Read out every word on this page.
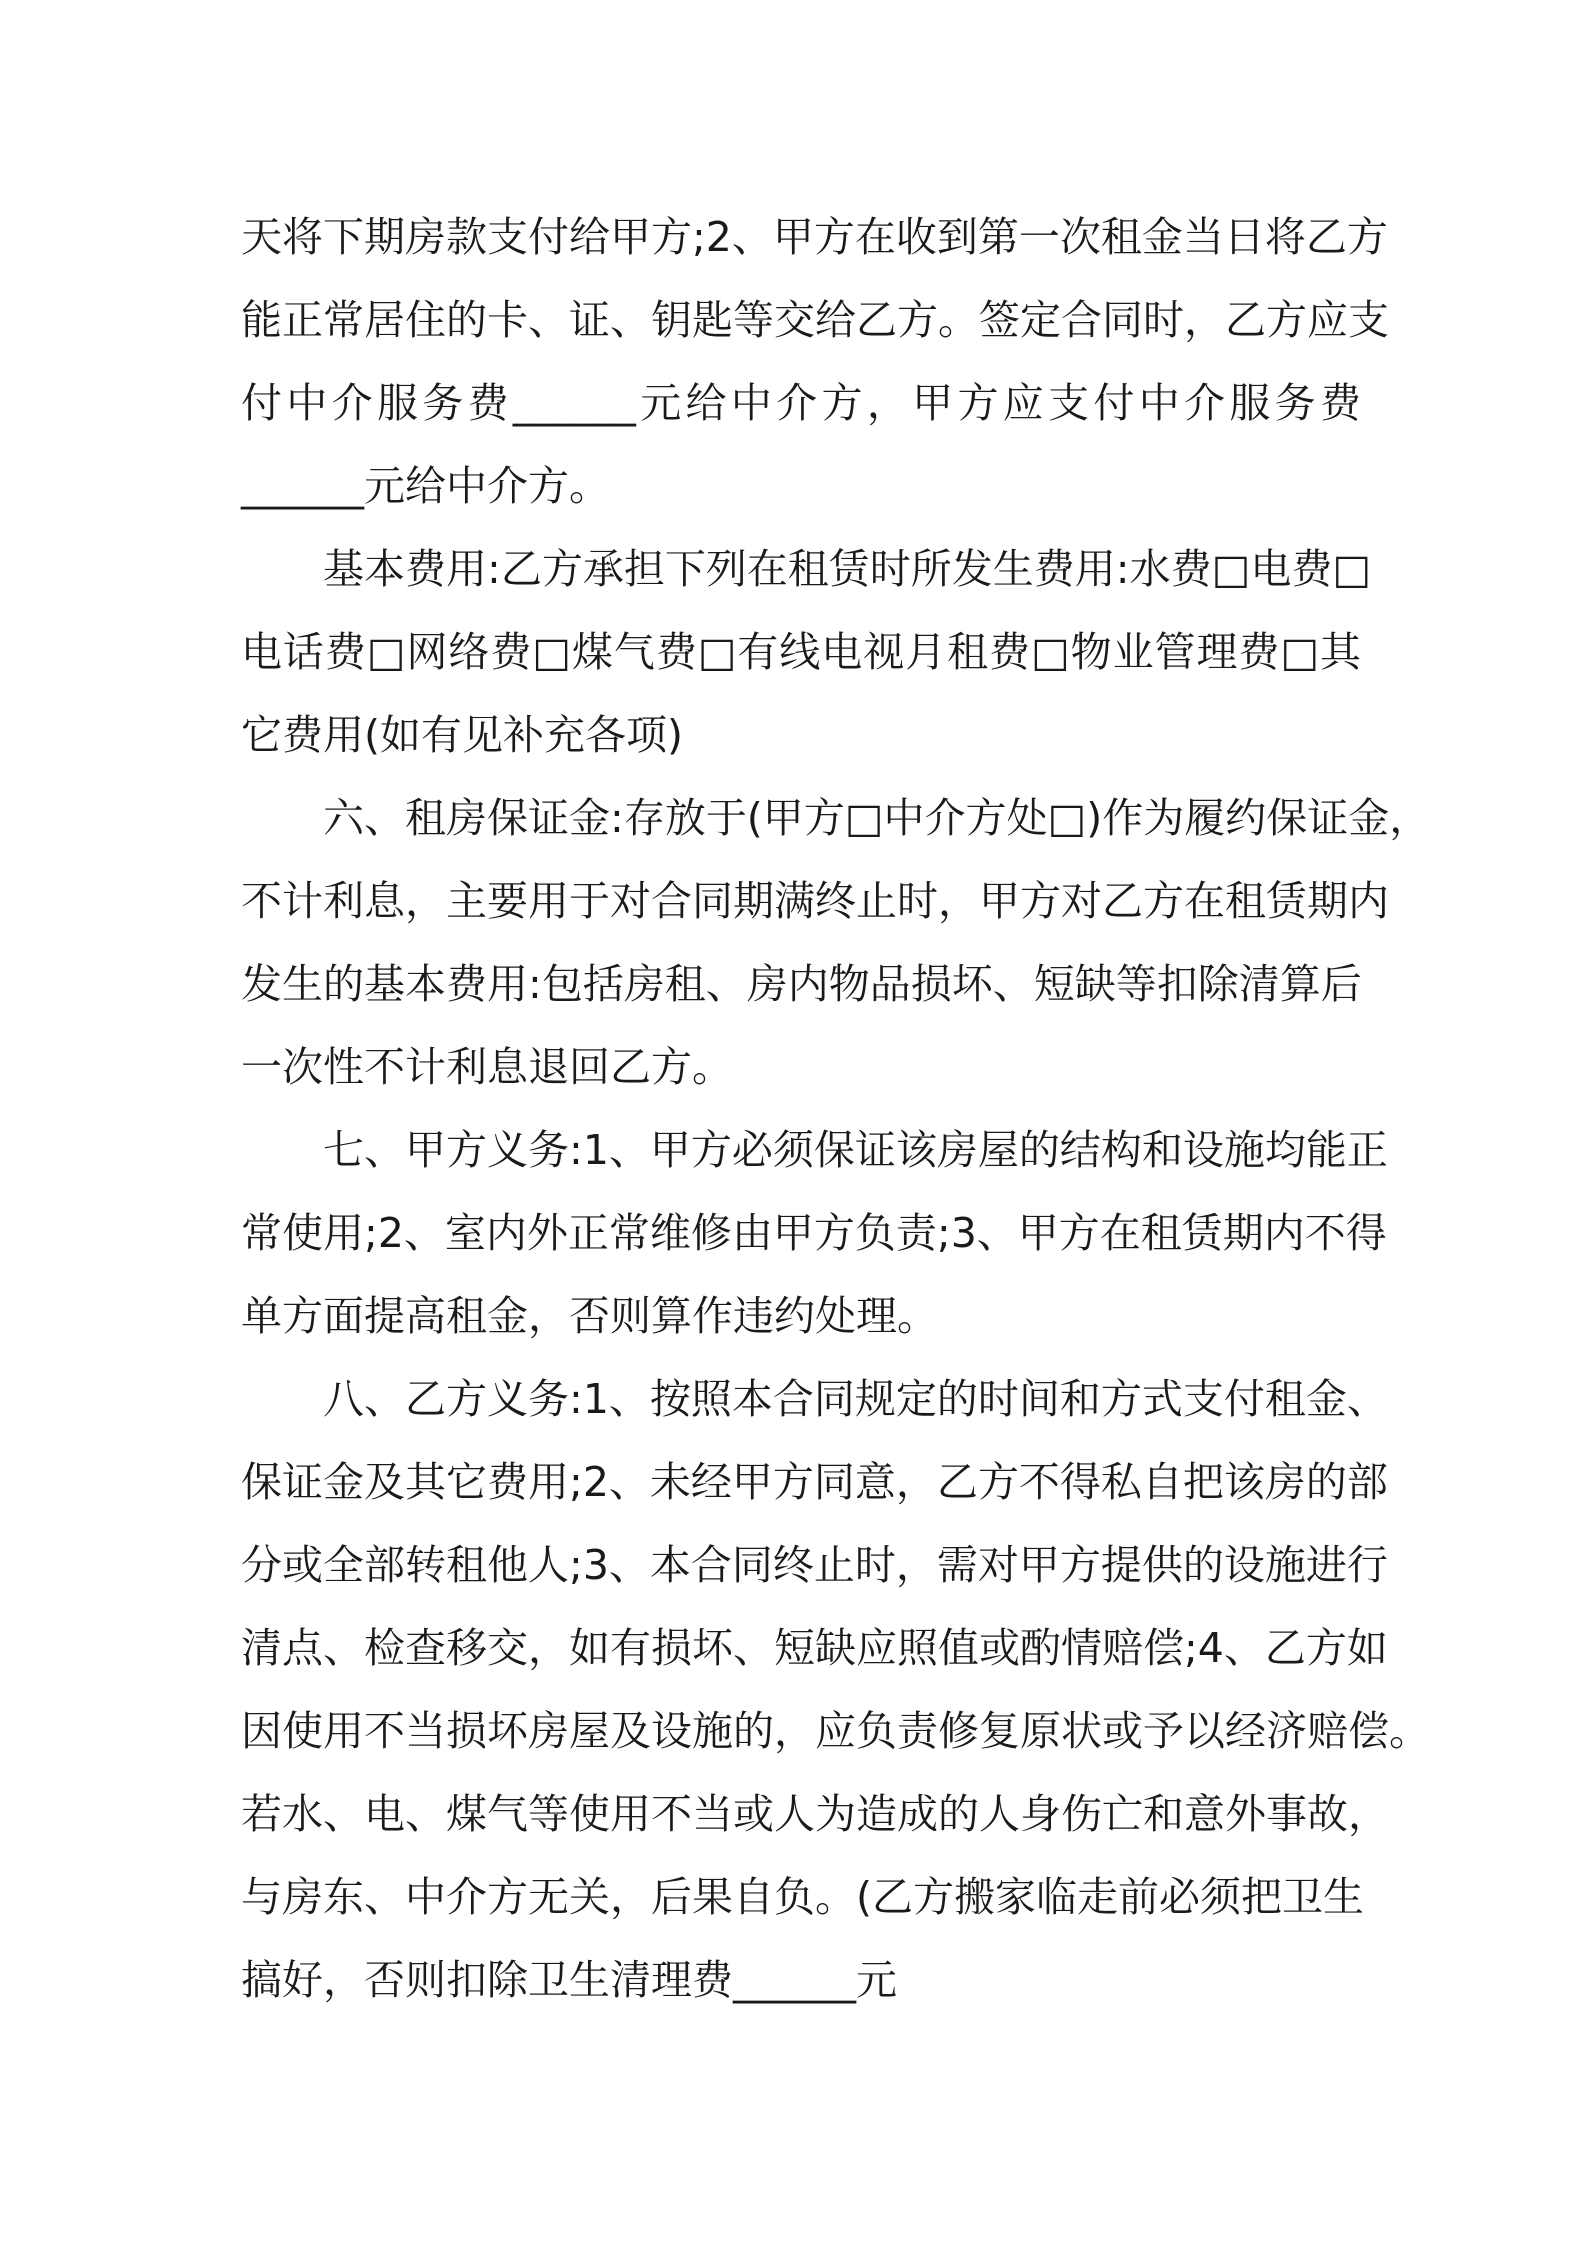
天将下期房款支付给甲方;2、甲方在收到第一次租金当日将乙方
能正常居住的卡、证、钥匙等交给乙方。签定合同时，乙方应支
付中介服务费______元给中介方，甲方应支付中介服务费
______元给中介方。
基本费用:乙方承担下列在租赁时所发生费用:水费□电费□
电话费□网络费□煤气费□有线电视月租费□物业管理费□其
它费用(如有见补充各项)
六、租房保证金:存放于(甲方□中介方处□)作为履约保证金，
不计利息，主要用于对合同期满终止时，甲方对乙方在租赁期内
发生的基本费用:包括房租、房内物品损坏、短缺等扣除清算后
一次性不计利息退回乙方。
七、甲方义务:1、甲方必须保证该房屋的结构和设施均能正
常使用;2、室内外正常维修由甲方负责;3、甲方在租赁期内不得
单方面提高租金，否则算作违约处理。
八、乙方义务:1、按照本合同规定的时间和方式支付租金、
保证金及其它费用;2、未经甲方同意，乙方不得私自把该房的部
分或全部转租他人;3、本合同终止时，需对甲方提供的设施进行
清点、检查移交，如有损坏、短缺应照值或酌情赔偿;4、乙方如
因使用不当损坏房屋及设施的，应负责修复原状或予以经济赔偿。
若水、电、煤气等使用不当或人为造成的人身伤亡和意外事故，
与房东、中介方无关，后果自负。(乙方搬家临走前必须把卫生
搞好，否则扣除卫生清理费______元
